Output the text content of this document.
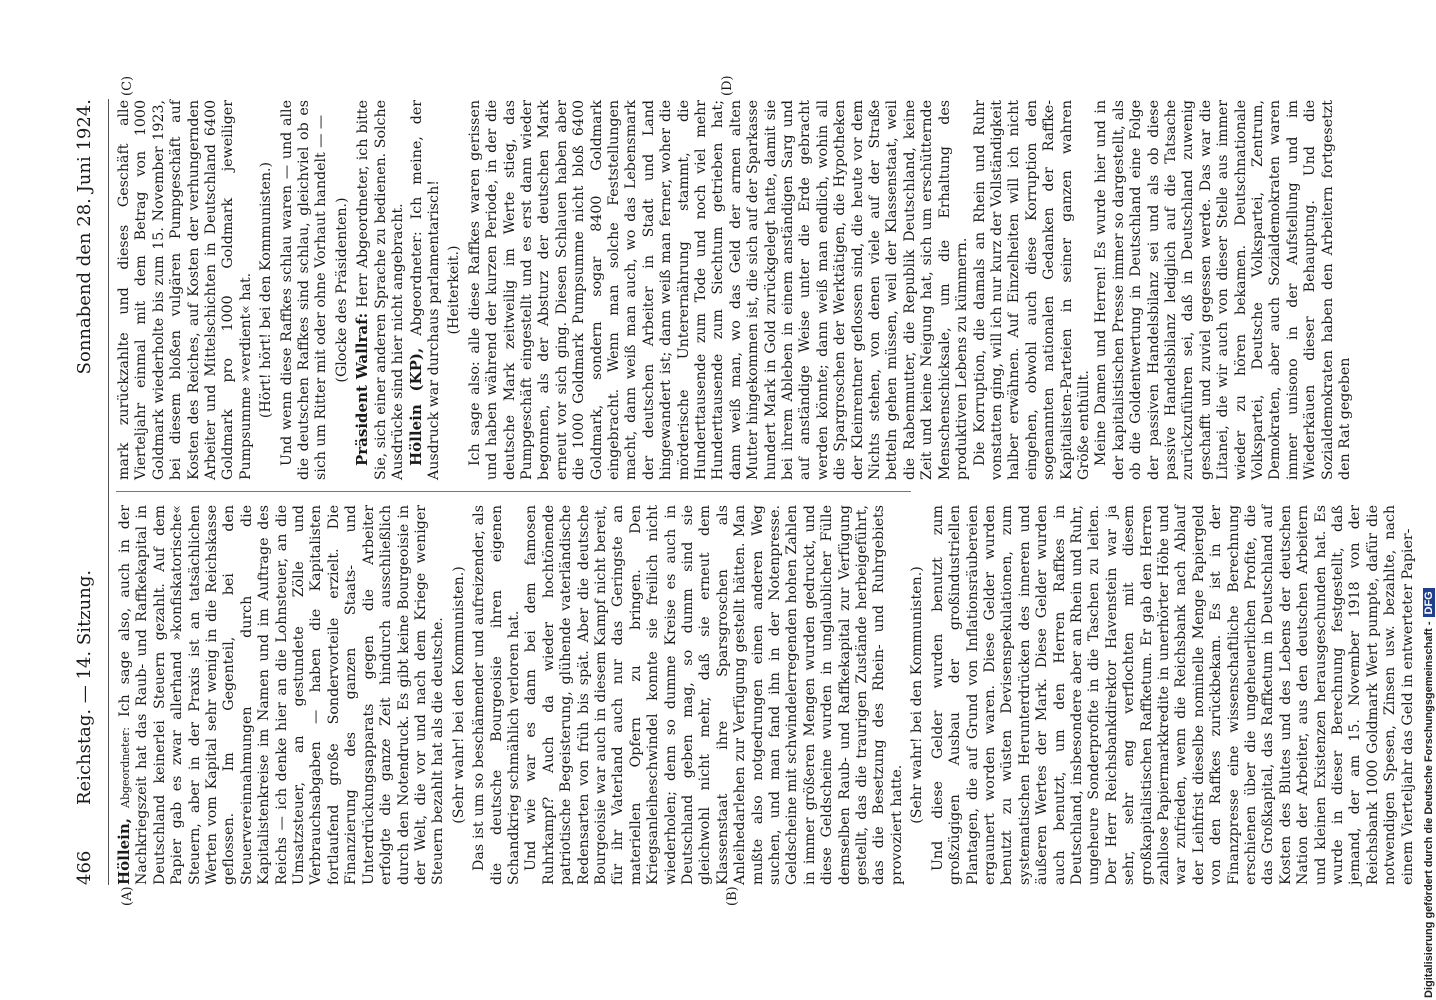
466
Reichstag. — 14. Sitzung.
Sonnabend den 28. Juni 1924.
(A)	(B)
(C)	(D)

Höllein, Abgeordneter: Ich sage also, auch in der Nachkriegszeit hat das Raub- und Raffkekapital in Deutschland keinerlei Steuern gezahlt. Auf dem Papier gab es zwar allerhand »konfiskatorische« Steuern, aber in der Praxis ist an tatsächlichen Werten vom Kapital sehr wenig in die Reichskasse geflossen. Im Gegenteil, bei den Steuervereinnahmungen durch die Kapitalistenkreise im Namen und im Auftrage des Reichs — ich denke hier an die Lohnsteuer, an die Umsatzsteuer, an gestundete Zölle und Verbrauchsabgaben — haben die Kapitalisten fortlaufend große Sondervorteile erzielt. Die Finanzierung des ganzen Staats- und Unterdrückungsapparats gegen die Arbeiter erfolgte die ganze Zeit hindurch ausschließlich durch den Notendruck. Es gibt keine Bourgeoisie in der Welt, die vor und nach dem Kriege weniger Steuern bezahlt hat als die deutsche. (Sehr wahr! bei den Kommunisten.) Das ist um so beschämender und aufreizender, als die deutsche Bourgeoisie ihren eigenen Schandkrieg schmählich verloren hat. Und wie war es dann bei dem famosen Ruhrkampf? Auch da wieder hochtönende patriotische Begeisterung, glühende vaterländische Redensarten von früh bis spät. Aber die deutsche Bourgeoisie war auch in diesem Kampf nicht bereit, für ihr Vaterland auch nur das Geringste an materiellen Opfern zu bringen. Den Kriegsanleiheschwindel konnte sie freilich nicht wiederholen; denn so dumme Kreise es auch in Deutschland geben mag, so dumm sind sie gleichwohl nicht mehr, daß sie erneut dem Klassenstaat ihre Sparsgroschen als Anleihedarlehen zur Verfügung gestellt hätten. Man mußte also notgedrungen einen anderen Weg suchen, und man fand ihn in der Notenpresse. Geldscheine mit schwindelerregenden hohen Zahlen in immer größeren Mengen wurden gedruckt, und diese Geldscheine wurden in unglaublicher Fülle demselben Raub- und Raffkekapital zur Verfügung gestellt, das die traurigen Zustände herbeigeführt, das die Besetzung des Rhein- und Ruhrgebiets provoziert hatte.

(Sehr wahr! bei den Kommunisten.) Und diese Gelder wurden benutzt zum großzügigen Ausbau der großindustriellen Plantagen, die auf Grund von Inflationsräubereien ergaunert worden waren. Diese Gelder wurden benutzt zu wüsten Devisenspekulationen, zum systematischen Herunterdrücken des inneren und äußeren Wertes der Mark. Diese Gelder wurden auch benutzt, um den Herren Raffkes in Deutschland, insbesondere aber an Rhein und Ruhr, ungeheure Sonderprofite in die Taschen zu leiten. Der Herr Reichsbankdirektor Havenstein war ja sehr, sehr eng verflochten mit diesem großkapitalistischen Raffketum. Er gab den Herren zahllose Papiermarkkredite in unerhörter Höhe und war zufrieden, wenn die Reichsbank nach Ablauf der Leihfrist dieselbe nominelle Menge Papiergeld von den Raffkes zurückbekam. Es ist in der Finanzpresse eine wissenschaftliche Berechnung erschienen über die ungeheuerlichen Profite, die das Großkapital, das Raffketum in Deutschland auf Kosten des Blutes und des Lebens der deutschen Nation der Arbeiter, aus den deutschen Arbeitern und kleinen Existenzen herausgeschunden hat. Es wurde in dieser Berechnung festgestellt, daß jemand, der am 15. November 1918 von der Reichsbank 1000 Goldmark Wert pumpte, dafür die notwendigen Spesen, Zinsen usw. bezahlte, nach einem Vierteljahr das Geld in entwerteter Papier-

mark zurückzahlte und dieses Geschäft alle Vierteljahr einmal mit dem Betrag von 1000 Goldmark wiederholte bis zum 15. November 1923, bei diesem bloßen vulgären Pumpgeschäft auf Kosten des Reiches, auf Kosten der verhungernden Arbeiter und Mittelschichten in Deutschland 6400 Goldmark pro 1000 Goldmark jeweiliger Pumpsumme »verdient« hat. (Hört! hört! bei den Kommunisten.) Und wenn diese Raffkes schlau waren — und alle die deutschen Raffkes sind schlau, gleichviel ob es sich um Ritter mit oder ohne Vorhaut handelt — — (Glocke des Präsidenten.)

Präsident Wallraf: Herr Abgeordneter, ich bitte Sie, sich einer anderen Sprache zu bedienen. Solche Ausdrücke sind hier nicht angebracht. Höllein (KP), Abgeordneter: Ich meine, der Ausdruck war durchaus parlamentarisch! (Heiterkeit.) Ich sage also: alle diese Raffkes waren gerissen und haben während der kurzen Periode, in der die deutsche Mark zeitweilig im Werte stieg, das Pumpgeschäft eingestellt und es erst dann wieder begonnen, als der Absturz der deutschen Mark erneut vor sich ging. Diesen Schlauen haben aber die 1000 Goldmark Pumpsumme nicht bloß 6400 Goldmark, sondern sogar 8400 Goldmark eingebracht. Wenn man solche Feststellungen macht, dann weiß man auch, wo das Lebensmark der deutschen Arbeiter in Stadt und Land hingewandert ist; dann weiß man ferner, woher die mörderische Unterernährung stammt, die Hunderttausende zum Tode und noch viel mehr Hunderttausende zum Siechtum getrieben hat; dann weiß man, wo das Geld der armen alten Mutter hingekommen ist, die sich auf der Sparkasse hundert Mark in Gold zurückgelegt hatte, damit sie bei ihrem Ableben in einem anständigen Sarg und auf anständige Weise unter die Erde gebracht werden könnte; dann weiß man endlich, wohin all die Spargroschen der Werktätigen, die Hypotheken der Kleinrentner geflossen sind, die heute vor dem Nichts stehen, von denen viele auf der Straße betteln gehen müssen, weil der Klassenstaat, weil die Rabenmutter, die Republik Deutschland, keine Zeit und keine Neigung hat, sich um erschütternde Menschenschicksale, um die Erhaltung des produktiven Lebens zu kümmern. Die Korruption, die damals an Rhein und Ruhr vonstatten ging, will ich nur kurz der Vollständigkeit halber erwähnen. Auf Einzelheiten will ich nicht eingehen, obwohl auch diese Korruption den sogenannten nationalen Gedanken der Raffke-Kapitalisten-Parteien in seiner ganzen wahren Größe enthüllt. Meine Damen und Herren! Es wurde hier und in der kapitalistischen Presse immer so dargestellt, als ob die Goldentwertung in Deutschland eine Folge der passiven Handelsbilanz sei und als ob diese passive Handelsbilanz lediglich auf die Tatsache zurückzuführen sei, daß in Deutschland zuwenig geschafft und zuviel gegessen werde. Das war die Litanei, die wir auch von dieser Stelle aus immer wieder zu hören bekamen. Deutschnationale Volkspartei, Deutsche Volkspartei, Zentrum, Demokraten, aber auch Sozialdemokraten waren immer unisono in der Aufstellung und im Wiederkäuen dieser Behauptung. Und die Sozialdemokraten haben den Arbeitern fortgesetzt den Rat gegeben

Digitalisierung gefördert durch die Deutsche Forschungsgemeinschaft -DFG
